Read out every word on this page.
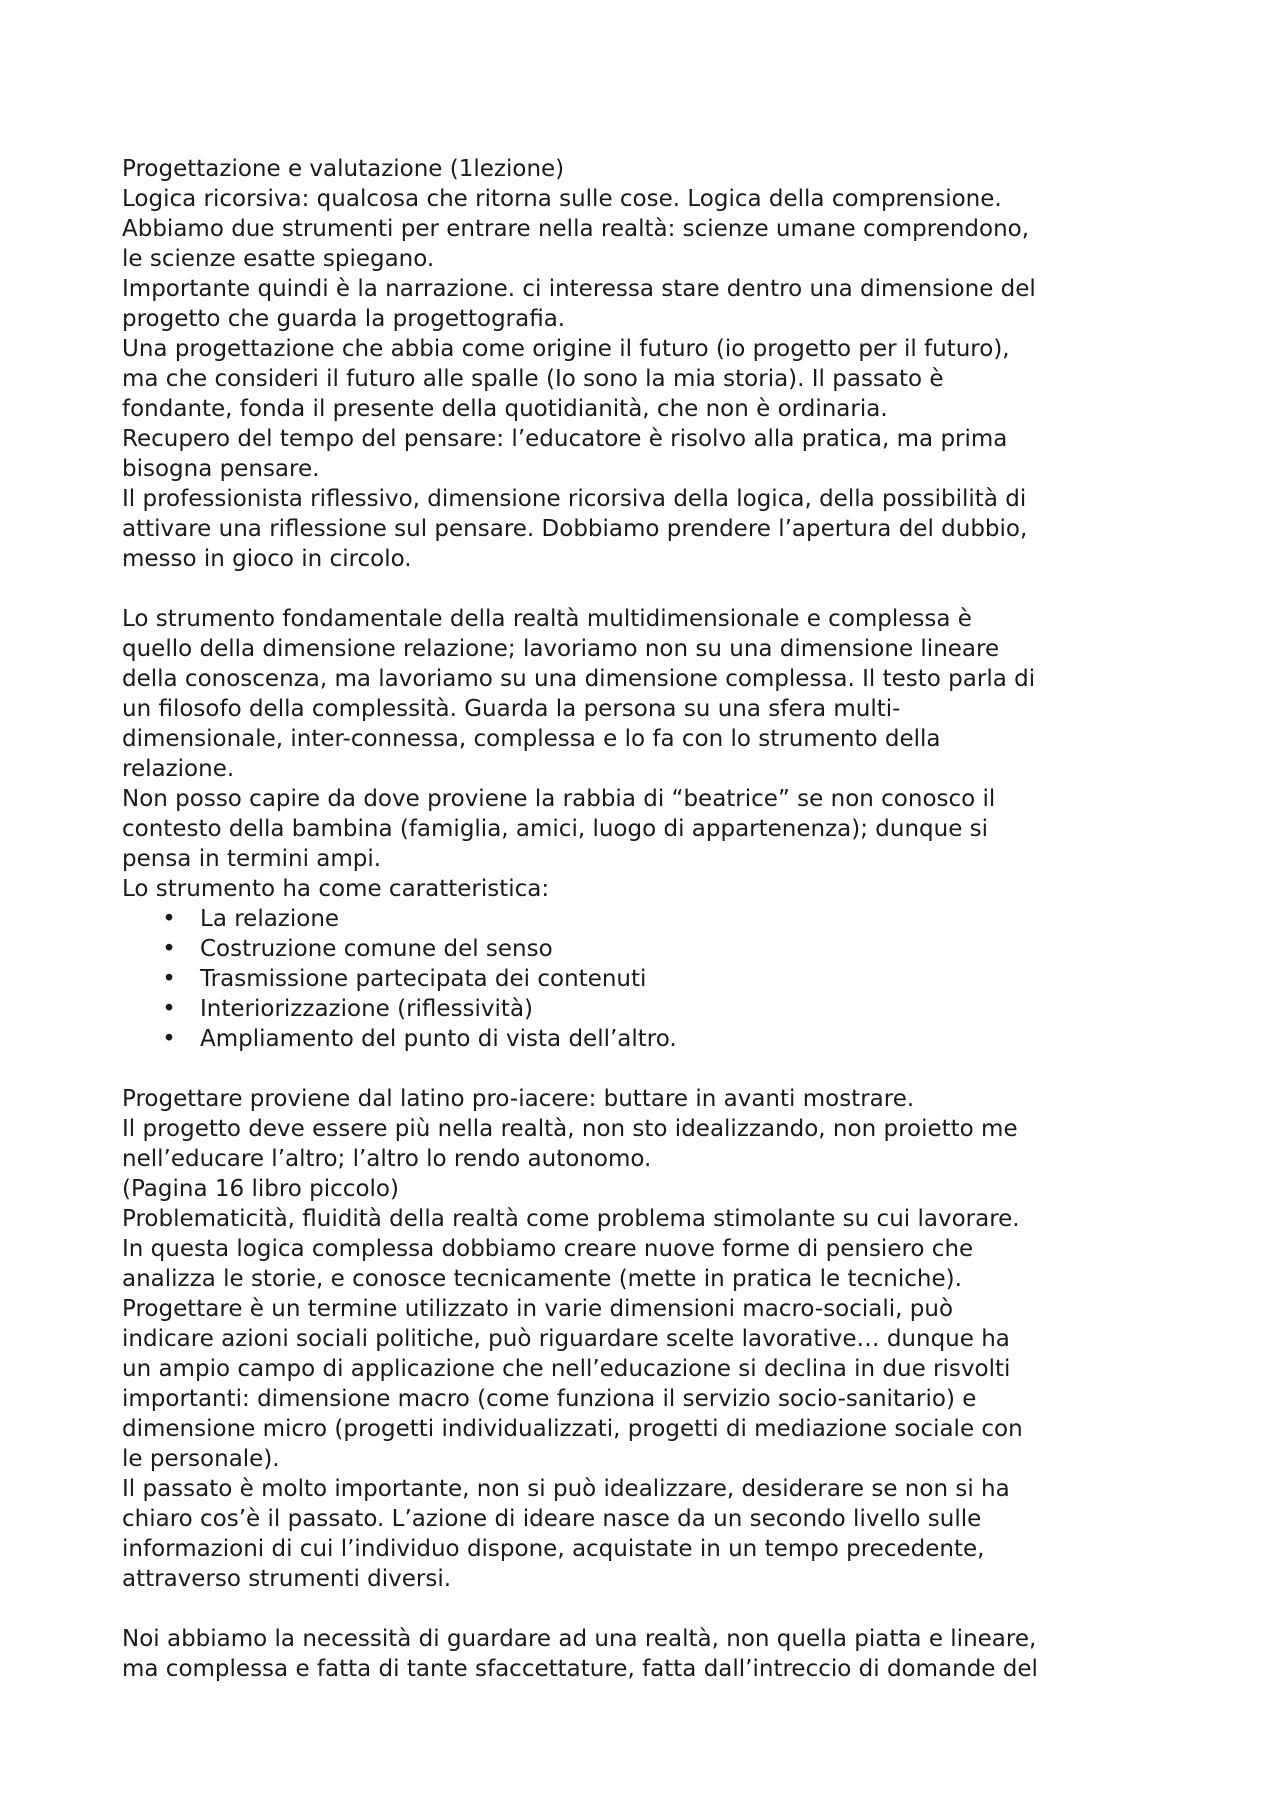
Progettazione e valutazione (1lezione)
Logica ricorsiva: qualcosa che ritorna sulle cose. Logica della comprensione.
Abbiamo due strumenti per entrare nella realtà: scienze umane comprendono,
le scienze esatte spiegano.
Importante quindi è la narrazione. ci interessa stare dentro una dimensione del
progetto che guarda la progettografia.
Una progettazione che abbia come origine il futuro (io progetto per il futuro),
ma che consideri il futuro alle spalle (Io sono la mia storia). Il passato è
fondante, fonda il presente della quotidianità, che non è ordinaria.
Recupero del tempo del pensare: l’educatore è risolvo alla pratica, ma prima
bisogna pensare.
Il professionista riflessivo, dimensione ricorsiva della logica, della possibilità di
attivare una riflessione sul pensare. Dobbiamo prendere l’apertura del dubbio,
messo in gioco in circolo.
Lo strumento fondamentale della realtà multidimensionale e complessa è
quello della dimensione relazione; lavoriamo non su una dimensione lineare
della conoscenza, ma lavoriamo su una dimensione complessa. Il testo parla di
un filosofo della complessità. Guarda la persona su una sfera multi-
dimensionale, inter-connessa, complessa e lo fa con lo strumento della
relazione.
Non posso capire da dove proviene la rabbia di “beatrice” se non conosco il
contesto della bambina (famiglia, amici, luogo di appartenenza); dunque si
pensa in termini ampi.
Lo strumento ha come caratteristica:
• La relazione
• Costruzione comune del senso
• Trasmissione partecipata dei contenuti
• Interiorizzazione (riflessività)
• Ampliamento del punto di vista dell’altro.
Progettare proviene dal latino pro-iacere: buttare in avanti mostrare.
Il progetto deve essere più nella realtà, non sto idealizzando, non proietto me
nell’educare l’altro; l’altro lo rendo autonomo.
(Pagina 16 libro piccolo)
Problematicità, fluidità della realtà come problema stimolante su cui lavorare.
In questa logica complessa dobbiamo creare nuove forme di pensiero che
analizza le storie, e conosce tecnicamente (mette in pratica le tecniche).
Progettare è un termine utilizzato in varie dimensioni macro-sociali, può
indicare azioni sociali politiche, può riguardare scelte lavorative… dunque ha
un ampio campo di applicazione che nell’educazione si declina in due risvolti
importanti: dimensione macro (come funziona il servizio socio-sanitario) e
dimensione micro (progetti individualizzati, progetti di mediazione sociale con
le personale).
Il passato è molto importante, non si può idealizzare, desiderare se non si ha
chiaro cos’è il passato. L’azione di ideare nasce da un secondo livello sulle
informazioni di cui l’individuo dispone, acquistate in un tempo precedente,
attraverso strumenti diversi.
Noi abbiamo la necessità di guardare ad una realtà, non quella piatta e lineare,
ma complessa e fatta di tante sfaccettature, fatta dall’intreccio di domande del
